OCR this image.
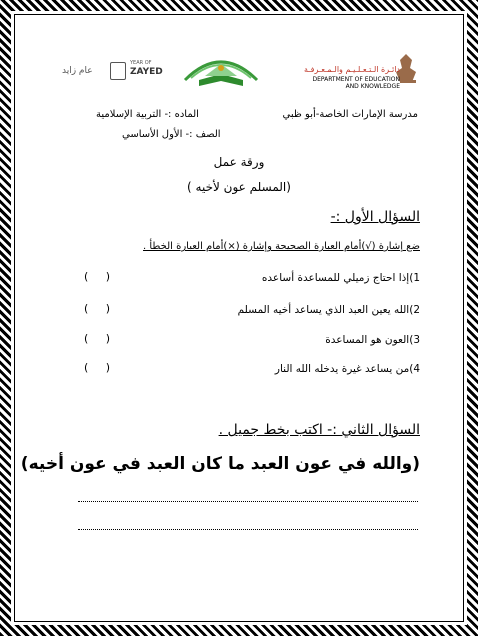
دائـرة الـتـعـلـيـم والـمـعـرفـة
DEPARTMENT OF EDUCATION
AND KNOWLEDGE
عام زايد
YEAR OF
ZAYED
مدرسة الإمارات الخاصة-أبو ظبي
الماده :- التربية الإسلامية
الصف :- الأول الأساسي
ورقة عمل
(المسلم عون لأخيه )
السؤال الأول :-
ضع إشارة (√)أمام العبارة الصحيحة وإشارة (×)أمام العبارة الخطأ .
1)إذا احتاج زميلي للمساعدة أساعده
(     )
2)الله يعين العبد الذي يساعد أخيه المسلم
(     )
3)العون هو المساعدة
(     )
4)من يساعد غيرة يدخله الله النار
(     )
السؤال الثاني :- اكتب بخط جميل .
(والله في عون العبد ما كان العبد في عون أخيه)
